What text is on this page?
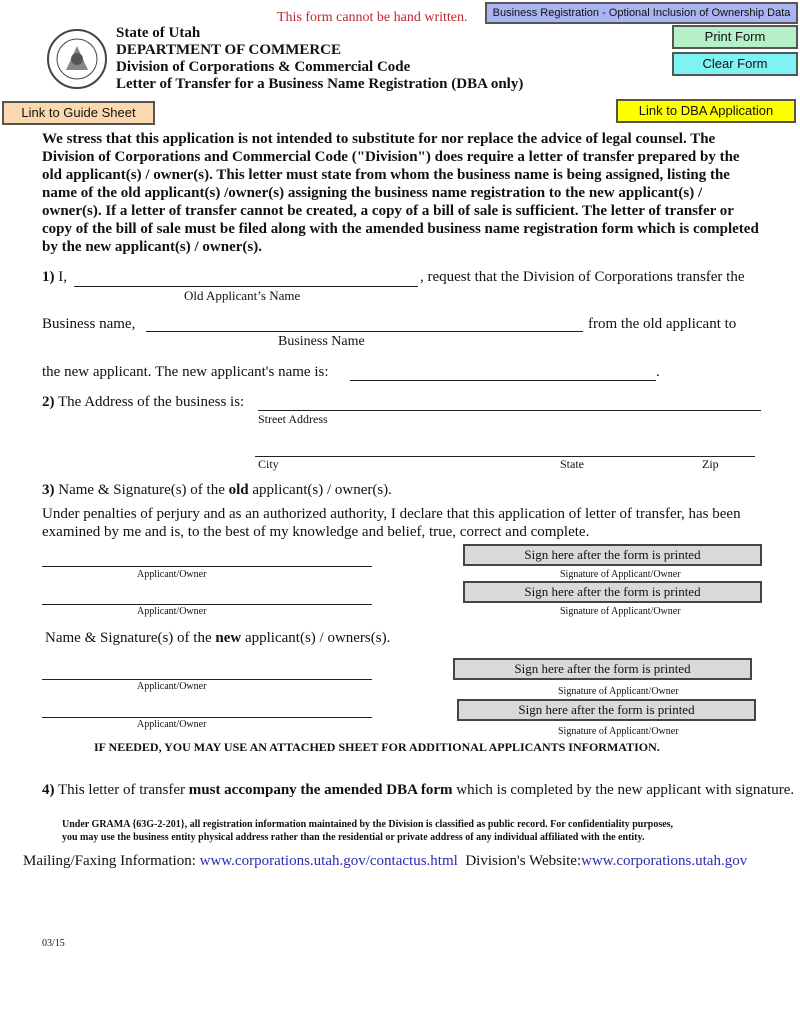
This form cannot be hand written.	Business Registration - Optional Inclusion of Ownership Data
Print Form
Clear Form
State of Utah
DEPARTMENT OF COMMERCE
Division of Corporations & Commercial Code
Letter of Transfer for a Business Name Registration (DBA only)
Link to Guide Sheet	Link to DBA Application
We stress that this application is not intended to substitute for nor replace the advice of legal counsel. The Division of Corporations and Commercial Code ("Division") does require a letter of transfer prepared by the old applicant(s) / owner(s). This letter must state from whom the business name is being assigned, listing the name of the old applicant(s) /owner(s) assigning the business name registration to the new applicant(s) / owner(s). If a letter of transfer cannot be created, a copy of a bill of sale is sufficient. The letter of transfer or copy of the bill of sale must be filed along with the amended business name registration form which is completed by the new applicant(s) / owner(s).
1) I,	, request that the Division of Corporations transfer the
Old Applicant’s Name
Business name,	from the old applicant to
Business Name
the new applicant. The new applicant's name is:	.
2) The Address of the business is:
Street Address
City	State	Zip
3) Name & Signature(s) of the old applicant(s) / owner(s).
Under penalties of perjury and as an authorized authority, I declare that this application of letter of transfer, has been examined by me and is, to the best of my knowledge and belief, true, correct and complete.
Applicant/Owner
Sign here after the form is printed
Signature of Applicant/Owner
Applicant/Owner
Sign here after the form is printed
Signature of Applicant/Owner
Name & Signature(s) of the new applicant(s) / owners(s).
Applicant/Owner
Sign here after the form is printed
Signature of Applicant/Owner
Applicant/Owner
Sign here after the form is printed
Signature of Applicant/Owner
IF NEEDED, YOU MAY USE AN ATTACHED SHEET FOR ADDITIONAL APPLICANTS INFORMATION.
4) This letter of transfer must accompany the amended DBA form which is completed by the new applicant with signature.
Under GRAMA {63G-2-201}, all registration information maintained by the Division is classified as public record. For confidentiality purposes,
you may use the business entity physical address rather than the residential or private address of any individual affiliated with the entity.
Mailing/Faxing Information: www.corporations.utah.gov/contactus.html Division's Website:www.corporations.utah.gov
03/15
